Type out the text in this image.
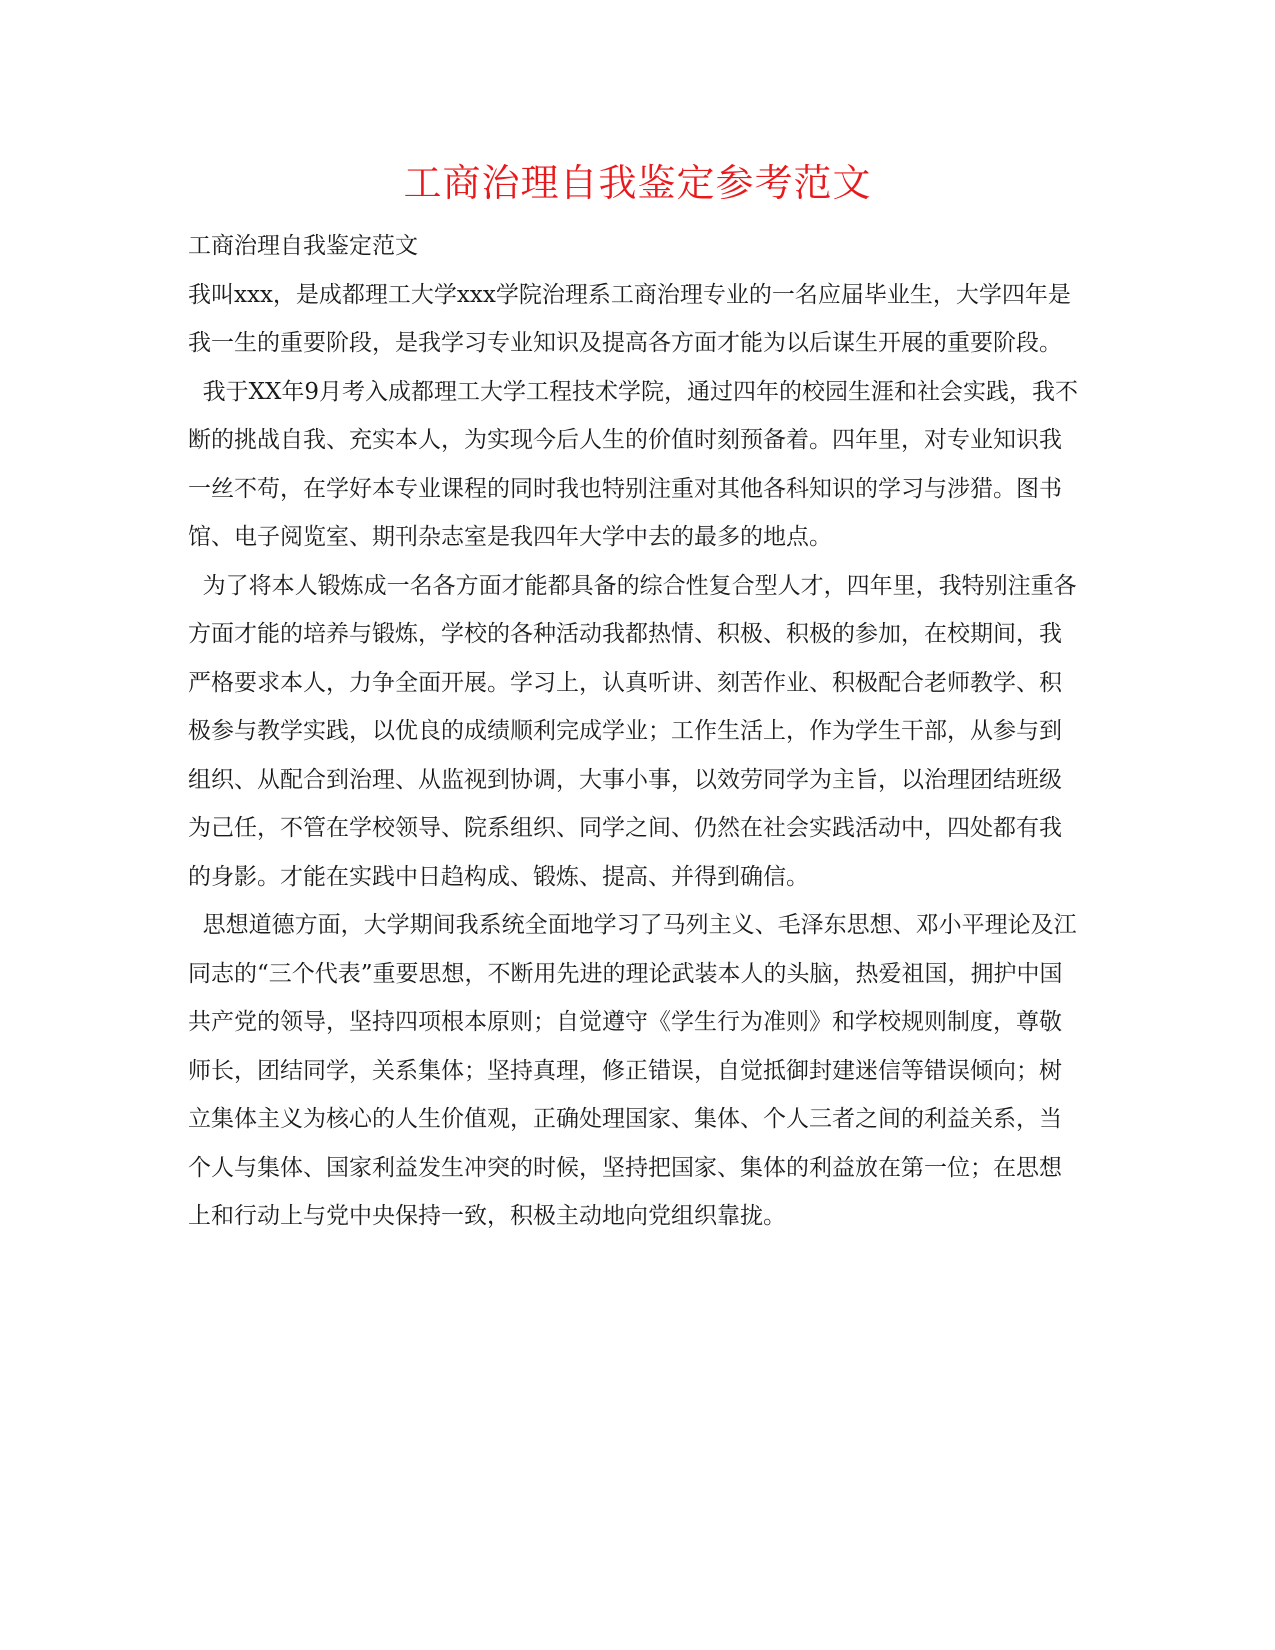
工商治理自我鉴定参考范文

工商治理自我鉴定范文

我叫xxx，是成都理工大学xxx学院治理系工商治理专业的一名应届毕业生，大学四年是我一生的重要阶段，是我学习专业知识及提高各方面才能为以后谋生开展的重要阶段。

我于XX年9月考入成都理工大学工程技术学院，通过四年的校园生涯和社会实践，我不断的挑战自我、充实本人，为实现今后人生的价值时刻预备着。四年里，对专业知识我一丝不苟，在学好本专业课程的同时我也特别注重对其他各科知识的学习与涉猎。图书馆、电子阅览室、期刊杂志室是我四年大学中去的最多的地点。

为了将本人锻炼成一名各方面才能都具备的综合性复合型人才，四年里，我特别注重各方面才能的培养与锻炼，学校的各种活动我都热情、积极、积极的参加，在校期间，我严格要求本人，力争全面开展。学习上，认真听讲、刻苦作业、积极配合老师教学、积极参与教学实践，以优良的成绩顺利完成学业；工作生活上，作为学生干部，从参与到组织、从配合到治理、从监视到协调，大事小事，以效劳同学为主旨，以治理团结班级为己任，不管在学校领导、院系组织、同学之间、仍然在社会实践活动中，四处都有我的身影。才能在实践中日趋构成、锻炼、提高、并得到确信。

思想道德方面，大学期间我系统全面地学习了马列主义、毛泽东思想、邓小平理论及江同志的“三个代表”重要思想，不断用先进的理论武装本人的头脑，热爱祖国，拥护中国共产党的领导，坚持四项根本原则；自觉遵守《学生行为准则》和学校规则制度，尊敬师长，团结同学，关系集体；坚持真理，修正错误，自觉抵御封建迷信等错误倾向；树立集体主义为核心的人生价值观，正确处理国家、集体、个人三者之间的利益关系，当个人与集体、国家利益发生冲突的时候，坚持把国家、集体的利益放在第一位；在思想上和行动上与党中央保持一致，积极主动地向党组织靠拢。
